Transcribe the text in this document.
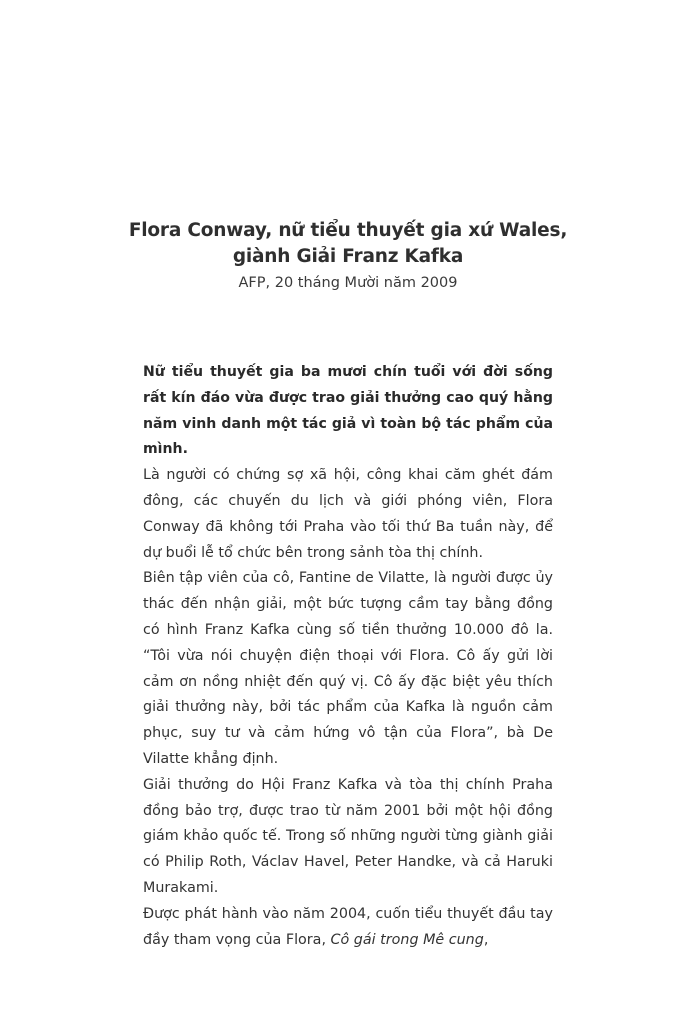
Flora Conway, nữ tiểu thuyết gia xứ Wales,
giành Giải Franz Kafka
AFP, 20 tháng Mười năm 2009

Nữ tiểu thuyết gia ba mươi chín tuổi với đời sống rất kín đáo vừa được trao giải thưởng cao quý hằng năm vinh danh một tác giả vì toàn bộ tác phẩm của mình.

Là người có chứng sợ xã hội, công khai căm ghét đám đông, các chuyến du lịch và giới phóng viên, Flora Conway đã không tới Praha vào tối thứ Ba tuần này, để dự buổi lễ tổ chức bên trong sảnh tòa thị chính.

Biên tập viên của cô, Fantine de Vilatte, là người được ủy thác đến nhận giải, một bức tượng cầm tay bằng đồng có hình Franz Kafka cùng số tiền thưởng 10.000 đô la. “Tôi vừa nói chuyện điện thoại với Flora. Cô ấy gửi lời cảm ơn nồng nhiệt đến quý vị. Cô ấy đặc biệt yêu thích giải thưởng này, bởi tác phẩm của Kafka là nguồn cảm phục, suy tư và cảm hứng vô tận của Flora”, bà De Vilatte khẳng định.

Giải thưởng do Hội Franz Kafka và tòa thị chính Praha đồng bảo trợ, được trao từ năm 2001 bởi một hội đồng giám khảo quốc tế. Trong số những người từng giành giải có Philip Roth, Václav Havel, Peter Handke, và cả Haruki Murakami.

Được phát hành vào năm 2004, cuốn tiểu thuyết đầu tay đầy tham vọng của Flora, Cô gái trong Mê cung,
